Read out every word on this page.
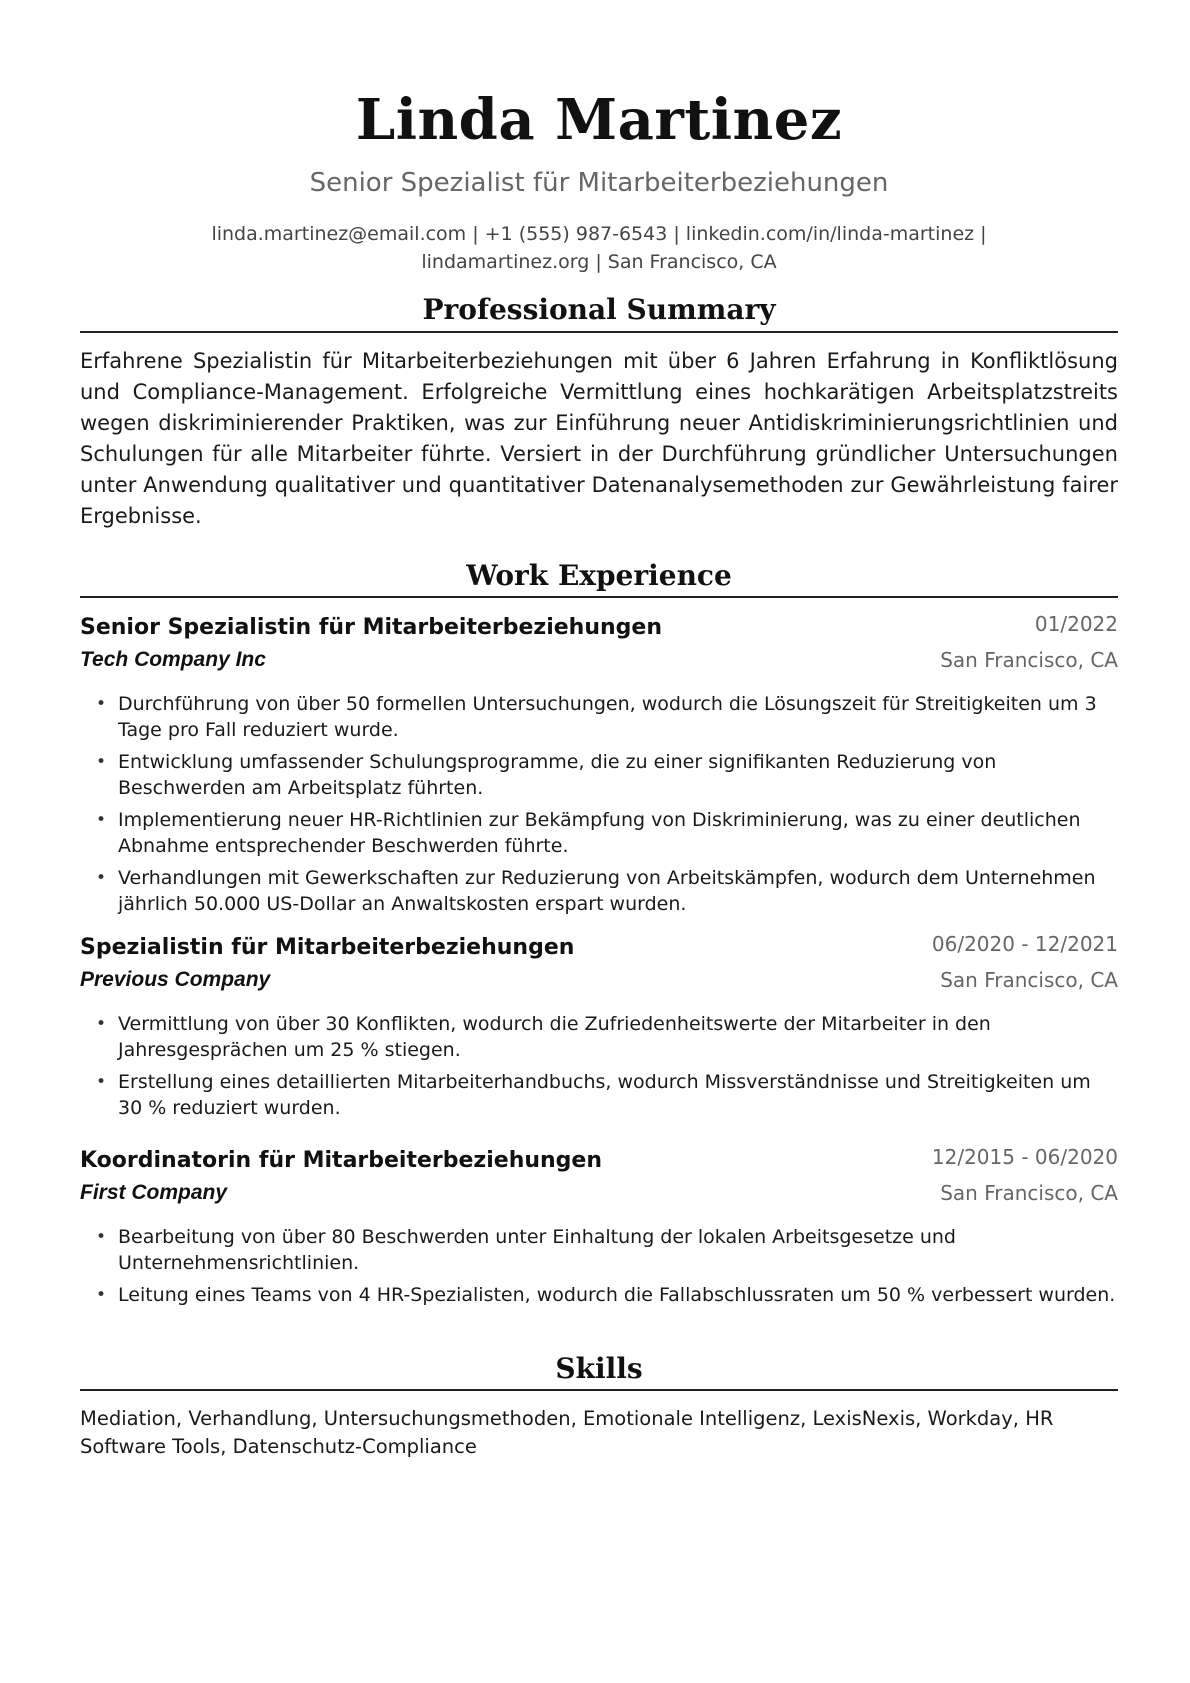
Linda Martinez
Senior Spezialist für Mitarbeiterbeziehungen
linda.martinez@email.com | +1 (555) 987-6543 | linkedin.com/in/linda-martinez | lindamartinez.org | San Francisco, CA
Professional Summary

Erfahrene Spezialistin für Mitarbeiterbeziehungen mit über 6 Jahren Erfahrung in Konfliktlösung und Compliance-Management. Erfolgreiche Vermittlung eines hochkarätigen Arbeitsplatzstreits wegen diskriminierender Praktiken, was zur Einführung neuer Antidiskriminierungsrichtlinien und Schulungen für alle Mitarbeiter führte. Versiert in der Durchführung gründlicher Untersuchungen unter Anwendung qualitativer und quantitativer Datenanalysemethoden zur Gewährleistung fairer Ergebnisse.

Work Experience
Senior Spezialistin für Mitarbeiterbeziehungen	01/2022
Tech Company Inc	San Francisco, CA
• Durchführung von über 50 formellen Untersuchungen, wodurch die Lösungszeit für Streitigkeiten um 3 Tage pro Fall reduziert wurde.
• Entwicklung umfassender Schulungsprogramme, die zu einer signifikanten Reduzierung von Beschwerden am Arbeitsplatz führten.
• Implementierung neuer HR-Richtlinien zur Bekämpfung von Diskriminierung, was zu einer deutlichen Abnahme entsprechender Beschwerden führte.
• Verhandlungen mit Gewerkschaften zur Reduzierung von Arbeitskämpfen, wodurch dem Unternehmen jährlich 50.000 US-Dollar an Anwaltskosten erspart wurden.
Spezialistin für Mitarbeiterbeziehungen	06/2020 - 12/2021
Previous Company	San Francisco, CA
• Vermittlung von über 30 Konflikten, wodurch die Zufriedenheitswerte der Mitarbeiter in den Jahresgesprächen um 25 % stiegen.
• Erstellung eines detaillierten Mitarbeiterhandbuchs, wodurch Missverständnisse und Streitigkeiten um 30 % reduziert wurden.
Koordinatorin für Mitarbeiterbeziehungen	12/2015 - 06/2020
First Company	San Francisco, CA
• Bearbeitung von über 80 Beschwerden unter Einhaltung der lokalen Arbeitsgesetze und Unternehmensrichtlinien.
• Leitung eines Teams von 4 HR-Spezialisten, wodurch die Fallabschlussraten um 50 % verbessert wurden.
Skills

Mediation, Verhandlung, Untersuchungsmethoden, Emotionale Intelligenz, LexisNexis, Workday, HR Software Tools, Datenschutz-Compliance
